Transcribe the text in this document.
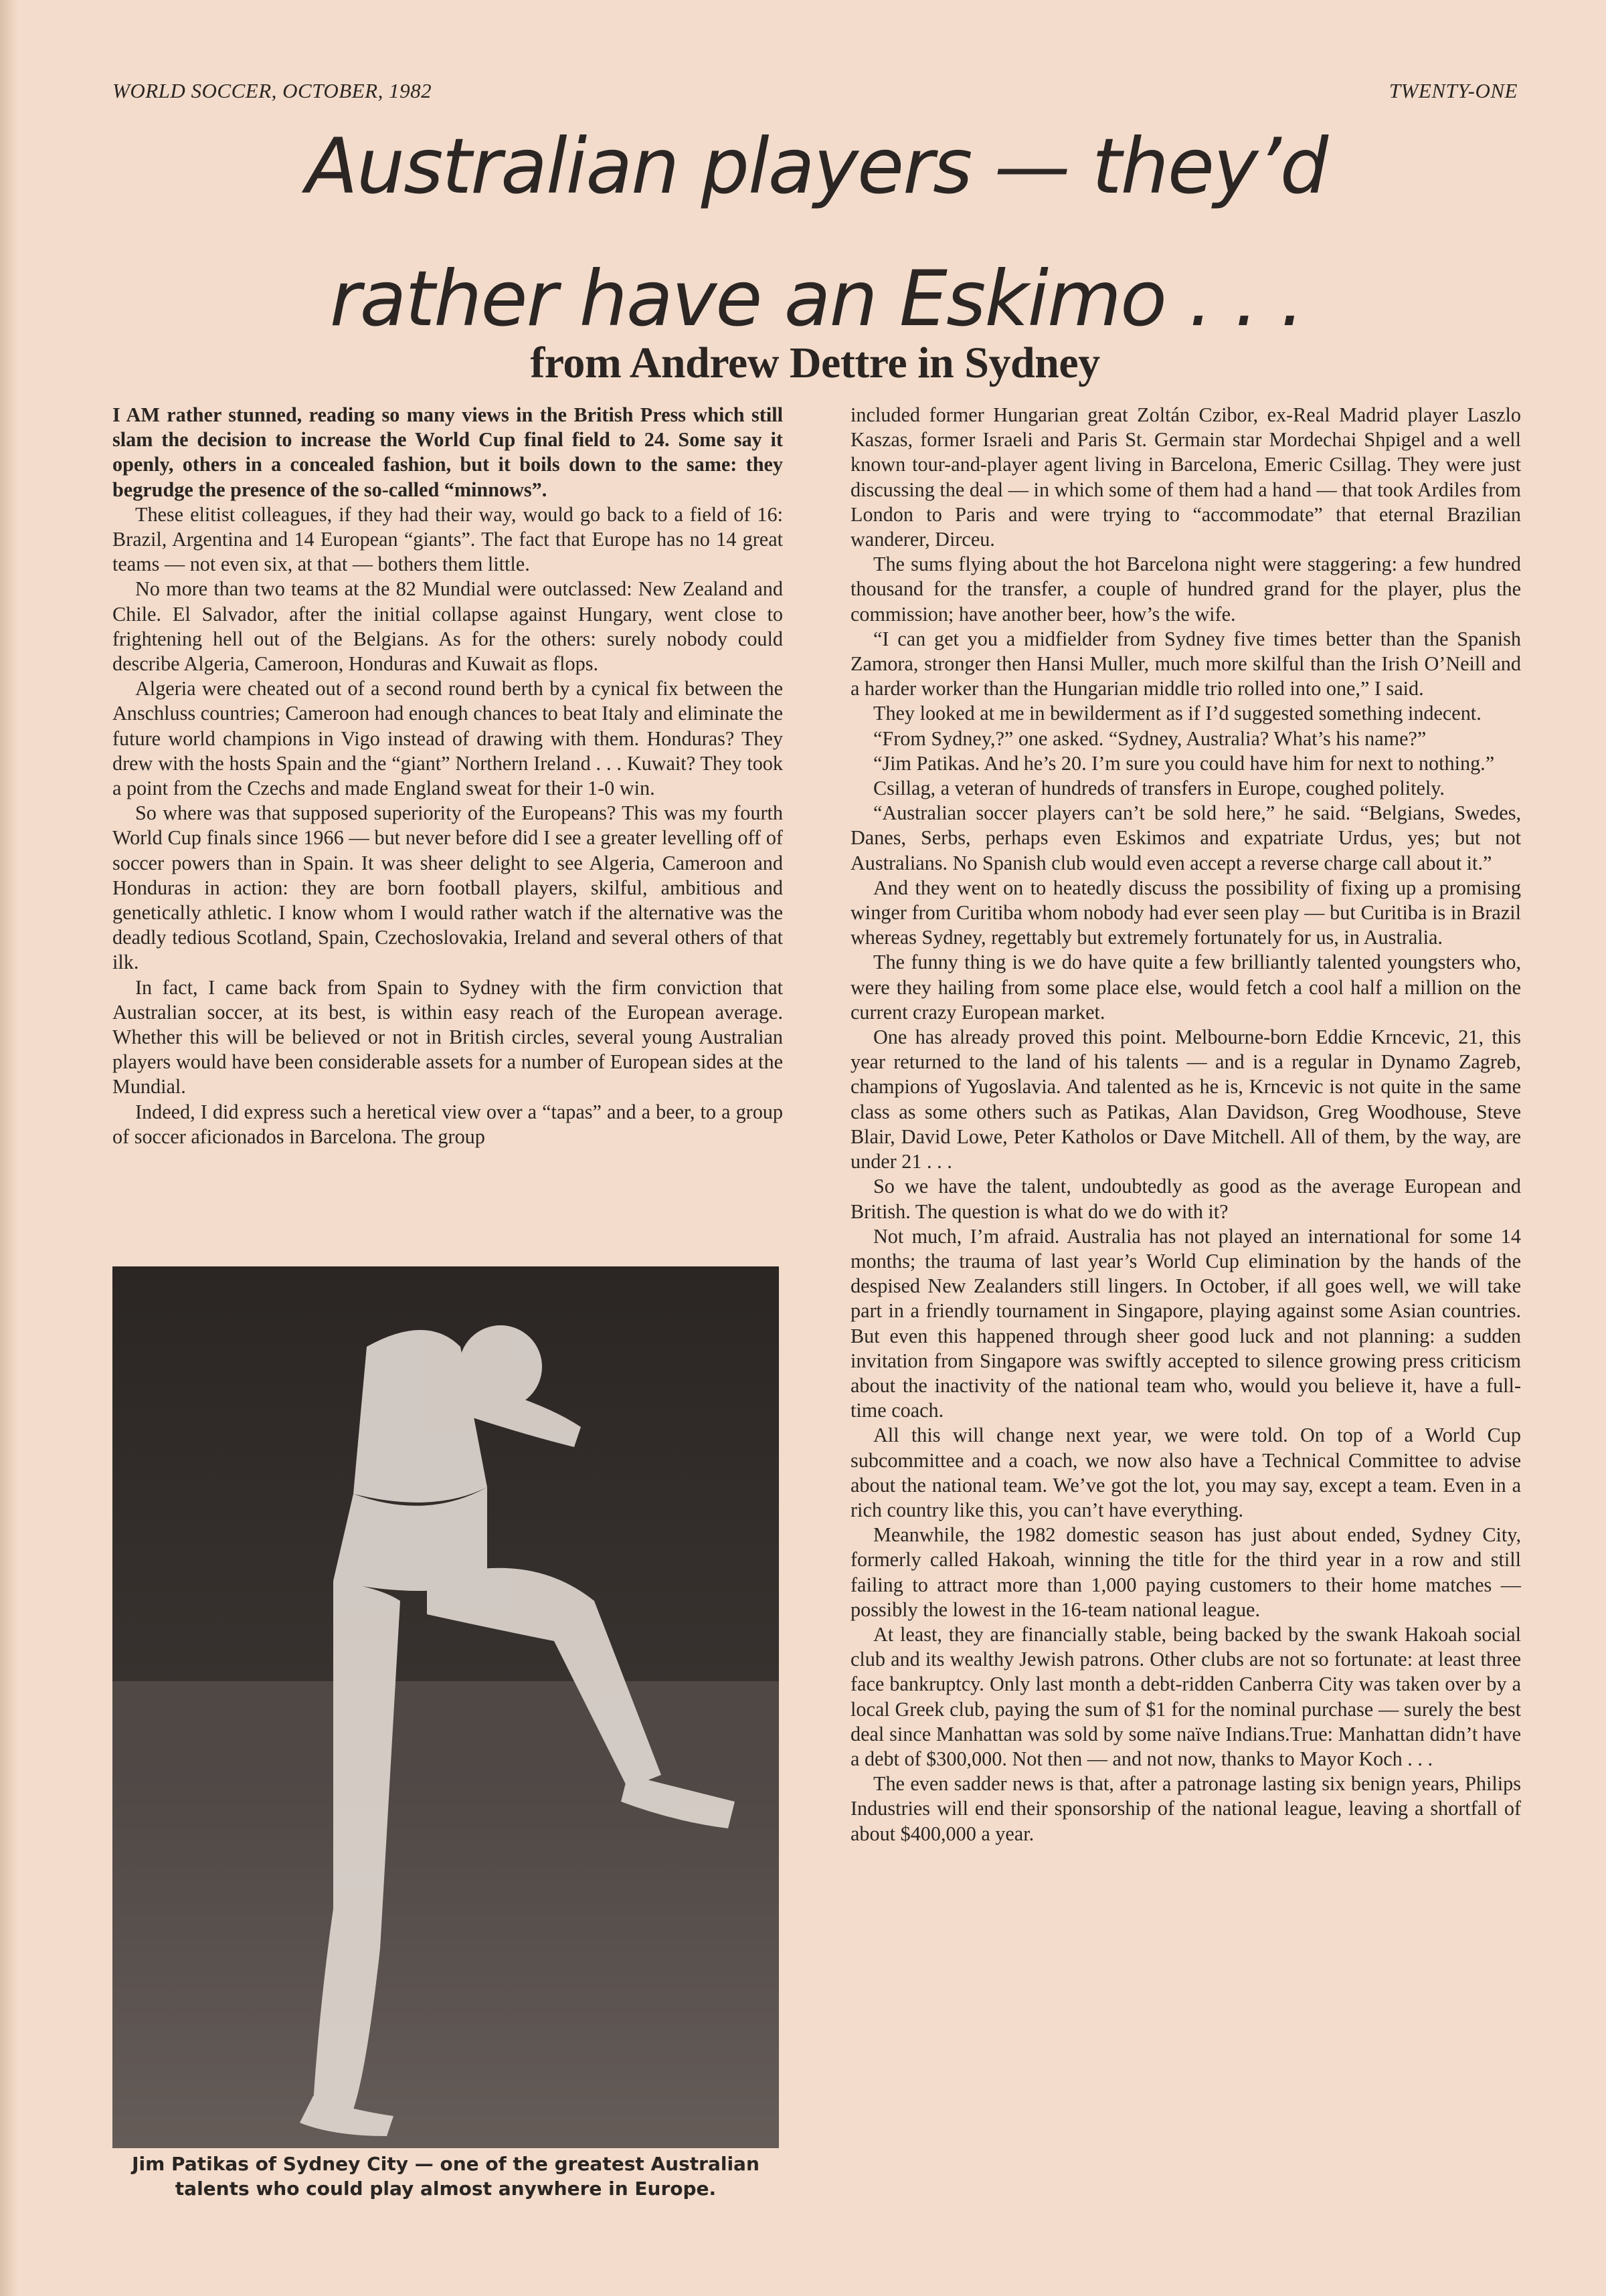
WORLD SOCCER, OCTOBER, 1982	TWENTY-ONE
Australian players — they’d
rather have an Eskimo . . .
from Andrew Dettre in Sydney

I AM rather stunned, reading so many views in the British Press which still slam the decision to increase the World Cup final field to 24. Some say it openly, others in a concealed fashion, but it boils down to the same: they begrudge the presence of the so-called “minnows”.

These elitist colleagues, if they had their way, would go back to a field of 16: Brazil, Argentina and 14 European “giants”. The fact that Europe has no 14 great teams — not even six, at that — bothers them little.

No more than two teams at the 82 Mundial were outclassed: New Zealand and Chile. El Salvador, after the initial collapse against Hungary, went close to frightening hell out of the Belgians. As for the others: surely nobody could describe Algeria, Cameroon, Honduras and Kuwait as flops.

Algeria were cheated out of a second round berth by a cynical fix between the Anschluss countries; Cameroon had enough chances to beat Italy and eliminate the future world champions in Vigo instead of drawing with them. Honduras? They drew with the hosts Spain and the “giant” Northern Ireland . . . Kuwait? They took a point from the Czechs and made England sweat for their 1-0 win.

So where was that supposed superiority of the Europeans? This was my fourth World Cup finals since 1966 — but never before did I see a greater levelling off of soccer powers than in Spain. It was sheer delight to see Algeria, Cameroon and Honduras in action: they are born football players, skilful, ambitious and genetically athletic. I know whom I would rather watch if the alternative was the deadly tedious Scotland, Spain, Czechoslovakia, Ireland and several others of that ilk.

In fact, I came back from Spain to Sydney with the firm conviction that Australian soccer, at its best, is within easy reach of the European average. Whether this will be believed or not in British circles, several young Australian players would have been considerable assets for a number of European sides at the Mundial.

Indeed, I did express such a heretical view over a “tapas” and a beer, to a group of soccer aficionados in Barcelona. The group

Jim Patikas of Sydney City — one of the greatest Australian talents who could play almost anywhere in Europe.

included former Hungarian great Zoltán Czibor, ex-Real Madrid player Laszlo Kaszas, former Israeli and Paris St. Germain star Mordechai Shpigel and a well known tour-and-player agent living in Barcelona, Emeric Csillag. They were just discussing the deal — in which some of them had a hand — that took Ardiles from London to Paris and were trying to “accommodate” that eternal Brazilian wanderer, Dirceu.

The sums flying about the hot Barcelona night were staggering: a few hundred thousand for the transfer, a couple of hundred grand for the player, plus the commission; have another beer, how’s the wife.

“I can get you a midfielder from Sydney five times better than the Spanish Zamora, stronger then Hansi Muller, much more skilful than the Irish O’Neill and a harder worker than the Hungarian middle trio rolled into one,” I said.

They looked at me in bewilderment as if I’d suggested something indecent.

“From Sydney,?” one asked. “Sydney, Australia? What’s his name?”

“Jim Patikas. And he’s 20. I’m sure you could have him for next to nothing.”

Csillag, a veteran of hundreds of transfers in Europe, coughed politely.

“Australian soccer players can’t be sold here,” he said. “Belgians, Swedes, Danes, Serbs, perhaps even Eskimos and expatriate Urdus, yes; but not Australians. No Spanish club would even accept a reverse charge call about it.”

And they went on to heatedly discuss the possibility of fixing up a promising winger from Curitiba whom nobody had ever seen play — but Curitiba is in Brazil whereas Sydney, regettably but extremely fortunately for us, in Australia.

The funny thing is we do have quite a few brilliantly talented youngsters who, were they hailing from some place else, would fetch a cool half a million on the current crazy European market.

One has already proved this point. Melbourne-born Eddie Krncevic, 21, this year returned to the land of his talents — and is a regular in Dynamo Zagreb, champions of Yugoslavia. And talented as he is, Krncevic is not quite in the same class as some others such as Patikas, Alan Davidson, Greg Woodhouse, Steve Blair, David Lowe, Peter Katholos or Dave Mitchell. All of them, by the way, are under 21 . . .

So we have the talent, undoubtedly as good as the average European and British. The question is what do we do with it?

Not much, I’m afraid. Australia has not played an international for some 14 months; the trauma of last year’s World Cup elimination by the hands of the despised New Zealanders still lingers. In October, if all goes well, we will take part in a friendly tournament in Singapore, playing against some Asian countries. But even this happened through sheer good luck and not planning: a sudden invitation from Singapore was swiftly accepted to silence growing press criticism about the inactivity of the national team who, would you believe it, have a full-time coach.

All this will change next year, we were told. On top of a World Cup subcommittee and a coach, we now also have a Technical Committee to advise about the national team. We’ve got the lot, you may say, except a team. Even in a rich country like this, you can’t have everything.

Meanwhile, the 1982 domestic season has just about ended, Sydney City, formerly called Hakoah, winning the title for the third year in a row and still failing to attract more than 1,000 paying customers to their home matches — possibly the lowest in the 16-team national league.

At least, they are financially stable, being backed by the swank Hakoah social club and its wealthy Jewish patrons. Other clubs are not so fortunate: at least three face bankruptcy. Only last month a debt-ridden Canberra City was taken over by a local Greek club, paying the sum of $1 for the nominal purchase — surely the best deal since Manhattan was sold by some naïve Indians.True: Manhattan didn’t have a debt of $300,000. Not then — and not now, thanks to Mayor Koch . . .

The even sadder news is that, after a patronage lasting six benign years, Philips Industries will end their sponsorship of the national league, leaving a shortfall of about $400,000 a year.
